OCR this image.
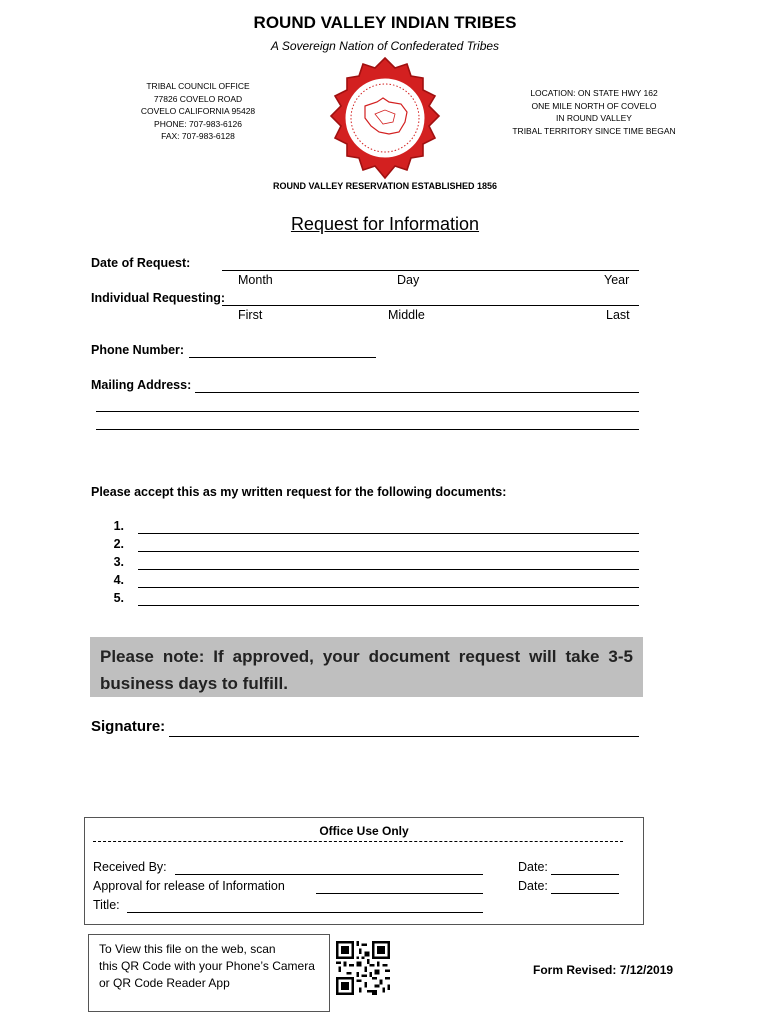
ROUND VALLEY INDIAN TRIBES
A Sovereign Nation of Confederated Tribes
TRIBAL COUNCIL OFFICE
77826 COVELO ROAD
COVELO CALIFORNIA 95428
PHONE: 707-983-6126
FAX: 707-983-6128
LOCATION: ON STATE HWY 162
ONE MILE NORTH OF COVELO
IN ROUND VALLEY
TRIBAL TERRITORY SINCE TIME BEGAN
ROUND VALLEY RESERVATION ESTABLISHED 1856
Request for Information
Date of Request:
Month	Day	Year
Individual Requesting:
First	Middle	Last
Phone Number:
Mailing Address:
Please accept this as my written request for the following documents:
1.
2.
3.
4.
5.
Please note: If approved, your document request will take 3-5 business days to fulfill.
Signature:
Office Use Only
Received By:	Date:
Approval for release of Information	Date:
Title:
To View this file on the web, scan
this QR Code with your Phone’s Camera
or QR Code Reader App
Form Revised: 7/12/2019
